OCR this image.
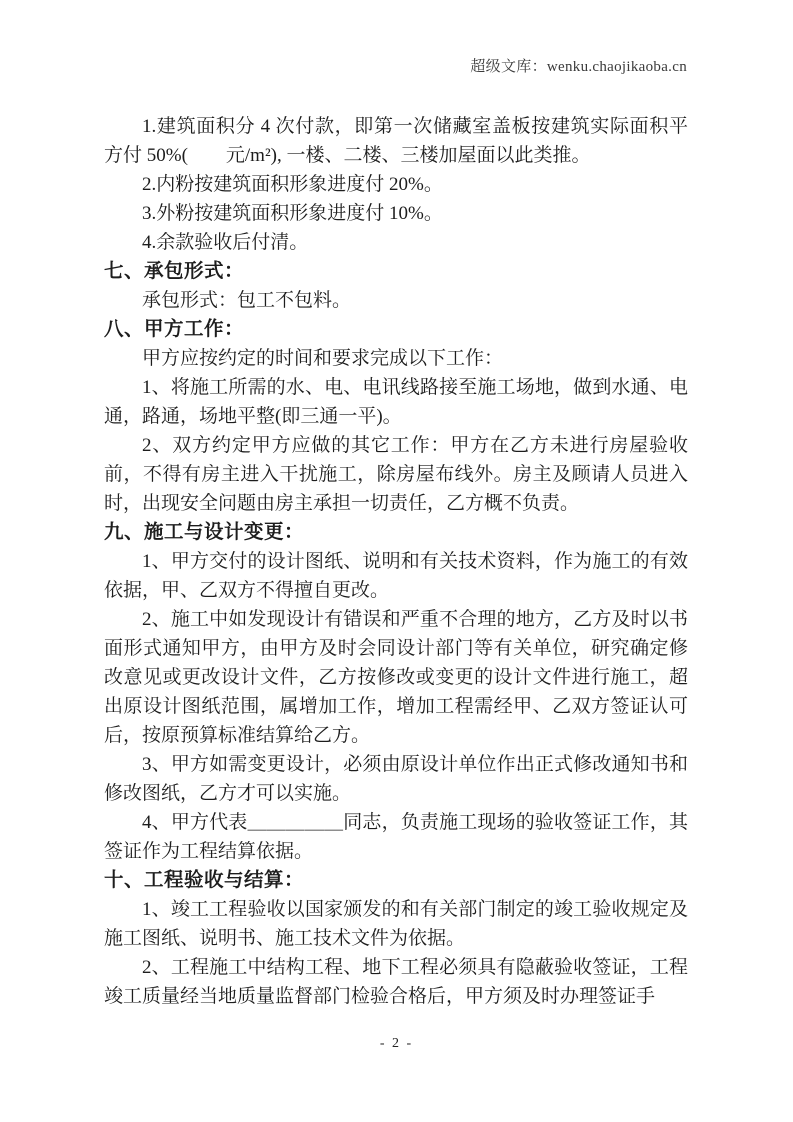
超级文库：wenku.chaojikaoba.cn
1.建筑面积分 4 次付款，即第一次储藏室盖板按建筑实际面积平方付 50%(　　元/m²), 一楼、二楼、三楼加屋面以此类推。
2.内粉按建筑面积形象进度付 20%。
3.外粉按建筑面积形象进度付 10%。
4.余款验收后付清。
七、承包形式：
承包形式：包工不包料。
八、甲方工作：
甲方应按约定的时间和要求完成以下工作：
1、将施工所需的水、电、电讯线路接至施工场地，做到水通、电通，路通，场地平整(即三通一平)。
2、双方约定甲方应做的其它工作：甲方在乙方未进行房屋验收前，不得有房主进入干扰施工，除房屋布线外。房主及顾请人员进入时，出现安全问题由房主承担一切责任，乙方概不负责。
九、施工与设计变更：
1、甲方交付的设计图纸、说明和有关技术资料，作为施工的有效依据，甲、乙双方不得擅自更改。
2、施工中如发现设计有错误和严重不合理的地方，乙方及时以书面形式通知甲方，由甲方及时会同设计部门等有关单位，研究确定修改意见或更改设计文件，乙方按修改或变更的设计文件进行施工，超出原设计图纸范围，属增加工作，增加工程需经甲、乙双方签证认可后，按原预算标准结算给乙方。
3、甲方如需变更设计，必须由原设计单位作出正式修改通知书和修改图纸，乙方才可以实施。
4、甲方代表＿＿＿＿＿同志，负责施工现场的验收签证工作，其签证作为工程结算依据。
十、工程验收与结算：
1、竣工工程验收以国家颁发的和有关部门制定的竣工验收规定及施工图纸、说明书、施工技术文件为依据。
2、工程施工中结构工程、地下工程必须具有隐蔽验收签证，工程竣工质量经当地质量监督部门检验合格后，甲方须及时办理签证手
- 2 -
